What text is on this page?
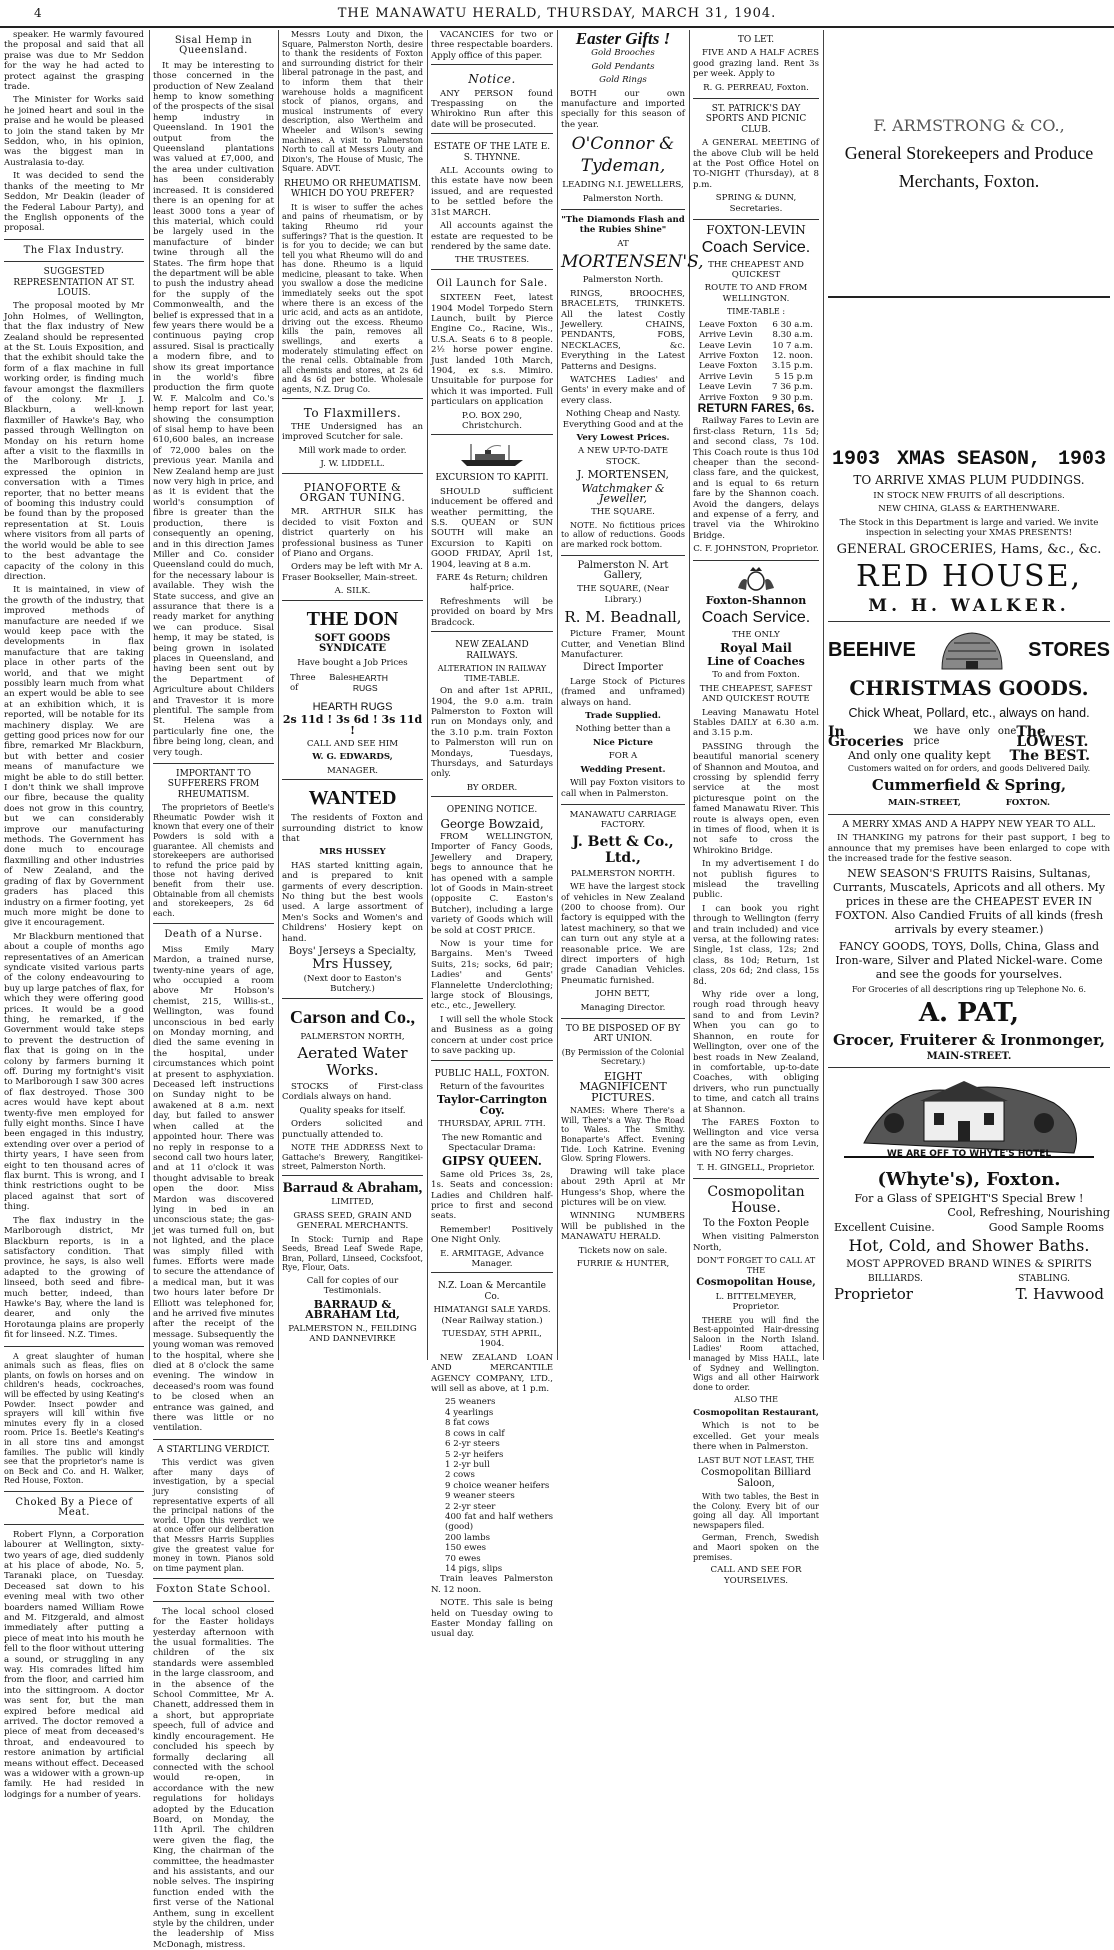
4	THE MANAWATU HERALD, THURSDAY, MARCH 31, 1904.

speaker. He warmly favoured the proposal and said that all praise was due to Mr Seddon for the way he had acted to protect against the grasping trade.

The Minister for Works said he joined heart and soul in the praise and he would be pleased to join the stand taken by Mr Seddon, who, in his opinion, was the biggest man in Australasia to-day.

It was decided to send the thanks of the meeting to Mr Seddon, Mr Deakin (leader of the Federal Labour Party), and the English opponents of the proposal.

The Flax Industry.
SUGGESTED REPRESENTATION AT ST. LOUIS.

The proposal mooted by Mr John Holmes, of Wellington, that the flax industry of New Zealand should be represented at the St. Louis Exposition, and that the exhibit should take the form of a flax machine in full working order, is finding much favour amongst the flaxmillers of the colony. Mr J. J. Blackburn, a well-known flaxmiller of Hawke's Bay, who passed through Wellington on Monday on his return home after a visit to the flaxmills in the Marlborough districts, expressed the opinion in conversation with a Times reporter, that no better means of booming this industry could be found than by the proposed representation at St. Louis where visitors from all parts of the world would be able to see to the best advantage the capacity of the colony in this direction.

It is maintained, in view of the growth of the industry, that improved methods of manufacture are needed if we would keep pace with the developments in flax manufacture that are taking place in other parts of the world, and that we might possibly learn much from what an expert would be able to see at an exhibition which, it is reported, will be notable for its machinery display. We are getting good prices now for our fibre, remarked Mr Blackburn, but with better and cosier means of manufacture we might be able to do still better. I don't think we shall improve our fibre, because the quality does not grow in this country, but we can considerably improve our manufacturing methods. The Government has done much to encourage flaxmilling and other industries of New Zealand, and the grading of flax by Government graders has placed this industry on a firmer footing, yet much more might be done to give it encouragement.

Mr Blackburn mentioned that about a couple of months ago representatives of an American syndicate visited various parts of the colony endeavouring to buy up large patches of flax, for which they were offering good prices. It would be a good thing, he remarked, if the Government would take steps to prevent the destruction of flax that is going on in the colony by farmers burning it off. During my fortnight's visit to Marlborough I saw 300 acres of flax destroyed. Those 300 acres would have kept about twenty-five men employed for fully eight months. Since I have been engaged in this industry, extending over over a period of thirty years, I have seen from eight to ten thousand acres of flax burnt. This is wrong, and I think restrictions ought to be placed against that sort of thing.

The flax industry in the Marlborough district, Mr Blackburn reports, is in a satisfactory condition. That province, he says, is also well adapted to the growing of linseed, both seed and fibre-much better, indeed, than Hawke's Bay, where the land is dearer, and only the Horotaunga plains are properly fit for linseed. N.Z. Times.

A great slaughter of human animals such as fleas, flies on plants, on fowls on horses and on children's heads, cockroaches, will be effected by using Keating's Powder. Insect powder and sprayers will kill within five minutes every fly in a closed room. Price 1s. Beetle's Keating's in all store tins and amongst families. The public will kindly see that the proprietor's name is on Beck and Co. and H. Walker, Red House, Foxton.

Choked By a Piece of Meat.

Robert Flynn, a Corporation labourer at Wellington, sixty-two years of age, died suddenly at his place of abode, No. 5, Taranaki place, on Tuesday. Deceased sat down to his evening meal with two other boarders named William Rowe and M. Fitzgerald, and almost immediately after putting a piece of meat into his mouth he fell to the floor without uttering a sound, or struggling in any way. His comrades lifted him from the floor, and carried him into the sittingroom. A doctor was sent for, but the man expired before medical aid arrived. The doctor removed a piece of meat from deceased's throat, and endeavoured to restore animation by artificial means without effect. Deceased was a widower with a grown-up family. He had resided in lodgings for a number of years.

Sisal Hemp in Queensland.

It may be interesting to those concerned in the production of New Zealand hemp to know something of the prospects of the sisal hemp industry in Queensland. In 1901 the output from the Queensland plantations was valued at £7,000, and the area under cultivation has been considerably increased. It is considered there is an opening for at least 3000 tons a year of this material, which could be largely used in the manufacture of binder twine through all the States. The firm hope that the department will be able to push the industry ahead for the supply of the Commonwealth, and the belief is expressed that in a few years there would be a continuous paying crop assured. Sisal is practically a modern fibre, and to show its great importance in the world's fibre production the firm quote W. F. Malcolm and Co.'s hemp report for last year, showing the consumption of sisal hemp to have been 610,600 bales, an increase of 72,000 bales on the previous year. Manila and New Zealand hemp are just now very high in price, and as it is evident that the world's consumption of fibre is greater than the production, there is consequently an opening, and in this direction James Miller and Co. consider Queensland could do much, for the necessary labour is available. They wish the State success, and give an assurance that there is a ready market for anything we can produce. Sisal hemp, it may be stated, is being grown in isolated places in Queensland, and having been sent out by the Department of Agriculture about Childers and Travestor it is more plentiful. The sample from St. Helena was a particularly fine one, the fibre being long, clean, and very tough.

IMPORTANT TO SUFFERERS FROM RHEUMATISM.

The proprietors of Beetle's Rheumatic Powder wish it known that every one of their Powders is sold with a guarantee. All chemists and storekeepers are authorised to refund the price paid by those not having derived benefit from their use. Obtainable from all chemists and storekeepers, 2s 6d each.

Death of a Nurse.

Miss Emily Mary Mardon, a trained nurse, twenty-nine years of age, who occupied a room above Mr Hobson's chemist, 215, Willis-st., Wellington, was found unconscious in bed early on Monday morning, and died the same evening in the hospital, under circumstances which point at present to asphyxiation. Deceased left instructions on Sunday night to be awakened at 8 a.m. next day, but failed to answer when called at the appointed hour. There was no reply in response to a second call two hours later, and at 11 o'clock it was thought advisable to break open the door. Miss Mardon was discovered lying in bed in an unconscious state; the gas-jet was turned full on, but not lighted, and the place was simply filled with fumes. Efforts were made to secure the attendance of a medical man, but it was two hours later before Dr Elliott was telephoned for, and he arrived five minutes after the receipt of the message. Subsequently the young woman was removed to the hospital, where she died at 8 o'clock the same evening. The window in deceased's room was found to be closed when an entrance was gained, and there was little or no ventilation.

A STARTLING VERDICT.

This verdict was given after many days of investigation, by a special jury consisting of representative experts of all the principal nations of the world. Upon this verdict we at once offer our deliberation that Messrs Harris Supplies give the greatest value for money in town. Pianos sold on time payment plan.

Foxton State School.

The local school closed for the Easter holidays yesterday afternoon with the usual formalities. The children of the six standards were assembled in the large classroom, and in the absence of the School Committee, Mr A. Chanett, addressed them in a short, but appropriate speech, full of advice and kindly encouragement. He concluded his speech by formally declaring all connected with the school would re-open, in accordance with the new regulations for holidays adopted by the Education Board, on Monday, the 11th April. The children were given the flag, the King, the chairman of the committee, the headmaster and his assistants, and our noble selves. The inspiring function ended with the first verse of the National Anthem, sung in excellent style by the children, under the leadership of Miss McDonagh, mistress.

Messrs Louty and Dixon, the Square, Palmerston North, desire to thank the residents of Foxton and surrounding district for their liberal patronage in the past, and to inform them that their warehouse holds a magnificent stock of pianos, organs, and musical instruments of every description, also Wertheim and Wheeler and Wilson's sewing machines. A visit to Palmerston North to call at Messrs Louty and Dixon's, The House of Music, The Square. ADVT.

RHEUMO OR RHEUMATISM. WHICH DO YOU PREFER?

It is wiser to suffer the aches and pains of rheumatism, or by taking Rheumo rid your sufferings? That is the question. It is for you to decide; we can but tell you what Rheumo will do and has done. Rheumo is a liquid medicine, pleasant to take. When you swallow a dose the medicine immediately seeks out the spot where there is an excess of the uric acid, and acts as an antidote, driving out the excess. Rheumo kills the pain, removes all swellings, and exerts a moderately stimulating effect on the renal cells. Obtainable from all chemists and stores, at 2s 6d and 4s 6d per bottle. Wholesale agents, N.Z. Drug Co.

To Flaxmillers.

THE Undersigned has an improved Scutcher for sale.

Mill work made to order.

J. W. LIDDELL.

PIANOFORTE & ORGAN TUNING.

MR. ARTHUR SILK has decided to visit Foxton and district quarterly on his professional business as Tuner of Piano and Organs.

Orders may be left with Mr A. Fraser Bookseller, Main-street.

A. SILK.

THE DON

SOFT GOODS SYNDICATE

Have bought a Job Prices

Three Bales of
HEARTH RUGS

HEARTH RUGS

2s 11d ! 3s 6d ! 3s 11d !

CALL AND SEE HIM

W. G. EDWARDS,

MANAGER.

WANTED

The residents of Foxton and surrounding district to know that

MRS HUSSEY

HAS started knitting again, and is prepared to knit garments of every description. No thing but the best wools used. A large assortment of Men's Socks and Women's and Childrens' Hosiery kept on hand.

Boys' Jerseys a Specialty,

Mrs Hussey,

(Next door to Easton's Butchery.)

Carson and Co.,

PALMERSTON NORTH,

Aerated Water Works.

STOCKS of First-class Cordials always on hand.

Quality speaks for itself.

Orders solicited and punctually attended to.

NOTE THE ADDRESS Next to Gattache's Brewery, Rangitikei-street, Palmerston North.

Barraud & Abraham,

LIMITED,

GRASS SEED, GRAIN AND GENERAL MERCHANTS.

In Stock: Turnip and Rape Seeds, Bread Leaf Swede Rape, Bran, Pollard, Linseed, Cocksfoot, Rye, Flour, Oats.

Call for copies of our Testimonials.

BARRAUD & ABRAHAM Ltd,

PALMERSTON N., FEILDING AND DANNEVIRKE

VACANCIES for two or three respectable boarders. Apply office of this paper.

Notice.

ANY PERSON found Trespassing on the Whirokino Run after this date will be prosecuted.

ESTATE OF THE LATE E. S. THYNNE.

ALL Accounts owing to this estate have now been issued, and are requested to be settled before the 31st MARCH.

All accounts against the estate are requested to be rendered by the same date.

THE TRUSTEES.

Oil Launch for Sale.

SIXTEEN Feet, latest 1904 Model Torpedo Stern Launch, built by Pierce Engine Co., Racine, Wis., U.S.A. Seats 6 to 8 people. 2½ horse power engine. Just landed 10th March, 1904, ex s.s. Mimiro. Unsuitable for purpose for which it was imported. Full particulars on application

P.O. BOX 290, Christchurch.

EXCURSION TO KAPITI.

SHOULD sufficient inducement be offered and weather permitting, the S.S. QUEAN or SUN SOUTH will make an Excursion to Kapiti on GOOD FRIDAY, April 1st, 1904, leaving at 8 a.m.

FARE 4s Return; children half-price.

Refreshments will be provided on board by Mrs Bradcock.

NEW ZEALAND RAILWAYS.

ALTERATION IN RAILWAY TIME-TABLE.

On and after 1st APRIL, 1904, the 9.0 a.m. train Palmerston to Foxton will run on Mondays only, and the 3.10 p.m. train Foxton to Palmerston will run on Mondays, Tuesdays, Thursdays, and Saturdays only.

BY ORDER.

OPENING NOTICE.

George Bowzaid,

FROM WELLINGTON, Importer of Fancy Goods, Jewellery and Drapery, begs to announce that he has opened with a sample lot of Goods in Main-street (opposite C. Easton's Butcher), including a large variety of Goods which will be sold at COST PRICE.

Now is your time for Bargains. Men's Tweed Suits, 21s; socks, 6d pair; Ladies' and Gents' Flannelette Underclothing; large stock of Blousings, etc., etc., Jewellery.

I will sell the whole Stock and Business as a going concern at under cost price to save packing up.

PUBLIC HALL, FOXTON.

Return of the favourites

Taylor-Carrington Coy.

THURSDAY, APRIL 7TH.

The new Romantic and Spectacular Drama:

GIPSY QUEEN.

Same old Prices 3s, 2s, 1s. Seats and concession: Ladies and Children half-price to first and second seats.

Remember! Positively One Night Only.

E. ARMITAGE, Advance Manager.

N.Z. Loan & Mercantile Co.

HIMATANGI SALE YARDS. (Near Railway station.)

TUESDAY, 5TH APRIL, 1904.

NEW ZEALAND LOAN AND MERCANTILE AGENCY COMPANY, LTD., will sell as above, at 1 p.m.

25 weaners
4 yearlings
8 fat cows
8 cows in calf
6 2-yr steers
5 2-yr heifers
1 2-yr bull
2 cows
9 choice weaner heifers
9 weaner steers
2 2-yr steer
400 fat and half wethers (good)
200 lambs
150 ewes
70 ewes
14 pigs, slips

Train leaves Palmerston N. 12 noon.

NOTE. This sale is being held on Tuesday owing to Easter Monday falling on usual day.

Easter Gifts !

Gold Brooches

Gold Pendants

Gold Rings

BOTH our own manufacture and imported specially for this season of the year.

O'Connor & Tydeman,

LEADING N.I. JEWELLERS,

Palmerston North.

"The Diamonds Flash and the Rubies Shine"

AT

MORTENSEN'S,

Palmerston North.

RINGS, BROOCHES, BRACELETS, TRINKETS. All the latest Costly Jewellery. CHAINS, PENDANTS, FOBS, NECKLACES, &c. Everything in the Latest Patterns and Designs.

WATCHES Ladies' and Gents' in every make and of every class.

Nothing Cheap and Nasty. Everything Good and at the

Very Lowest Prices.

A NEW UP-TO-DATE STOCK.

J. MORTENSEN,

Watchmaker & Jeweller,

THE SQUARE.

NOTE. No fictitious prices to allow of reductions. Goods are marked rock bottom.

Palmerston N. Art Gallery,

THE SQUARE, (Near Library.)

R. M. Beadnall,

Picture Framer, Mount Cutter, and Venetian Blind Manufacturer.

Direct Importer

Large Stock of Pictures (framed and unframed) always on hand.

Trade Supplied.

Nothing better than a

Nice Picture

FOR A

Wedding Present.

Will pay Foxton visitors to call when in Palmerston.

MANAWATU CARRIAGE FACTORY.

J. Bett & Co., Ltd.,

PALMERSTON NORTH.

WE have the largest stock of vehicles in New Zealand (200 to choose from). Our factory is equipped with the latest machinery, so that we can turn out any style at a reasonable price. We are direct importers of high grade Canadian Vehicles. Pneumatic furnished.

JOHN BETT,

Managing Director.

TO BE DISPOSED OF BY ART UNION.

(By Permission of the Colonial Secretary.)

EIGHT MAGNIFICENT PICTURES.

NAMES: Where There's a Will, There's a Way. The Road to Wales. The Smithy. Bonaparte's Affect. Evening Tide. Loch Katrine. Evening Glow. Spring Flowers.

Drawing will take place about 29th April at Mr Hungess's Shop, where the pictures will be on view.

WINNING NUMBERS Will be published in the MANAWATU HERALD.

Tickets now on sale.

FURRIE & HUNTER,

TO LET.

FIVE AND A HALF ACRES good grazing land. Rent 3s per week. Apply to

R. G. PERREAU, Foxton.

ST. PATRICK'S DAY SPORTS AND PICNIC CLUB.

A GENERAL MEETING of the above Club will be held at the Post Office Hotel on TO-NIGHT (Thursday), at 8 p.m.

SPRING & DUNN, Secretaries.

FOXTON-LEVIN

Coach Service.

THE CHEAPEST AND QUICKEST

ROUTE TO AND FROM WELLINGTON.

TIME-TABLE :

Leave Foxton 6 30 a.m.
Arrive Levin 8.30 a.m.
Leave Levin 10 7 a.m.
Arrive Foxton 12. noon.
Leave Foxton 3.15 p.m.
Arrive Levin	5 15 p.m
Leave Levin 7 36 p.m.
Arrive Foxton 9 30 p.m.

RETURN FARES, 6s.

Railway Fares to Levin are first-class Return, 11s 5d; and second class, 7s 10d. This Coach route is thus 10d cheaper than the second-class fare, and the quickest, and is equal to 6s return fare by the Shannon coach. Avoid the dangers, delays and expense of a ferry, and travel via the Whirokino Bridge.

C. F. JOHNSTON, Proprietor.

Foxton-Shannon

Coach Service.

THE ONLY

Royal Mail

Line of Coaches

To and from Foxton.

THE CHEAPEST, SAFEST AND QUICKEST ROUTE

Leaving Manawatu Hotel Stables DAILY at 6.30 a.m. and 3.15 p.m.

PASSING through the beautiful manorial scenery of Shannon and Moutoa, and crossing by splendid ferry service at the most picturesque point on the famed Manawatu River. This route is always open, even in times of flood, when it is not safe to cross the Whirokino Bridge.

In my advertisement I do not publish figures to mislead the travelling public.

I can book you right through to Wellington (ferry and train included) and vice versa, at the following rates: Single, 1st class, 12s; 2nd class, 8s 10d; Return, 1st class, 20s 6d; 2nd class, 15s 8d.

Why ride over a long, rough road through heavy sand to and from Levin? When you can go to Shannon, en route for Wellington, over one of the best roads in New Zealand, in comfortable, up-to-date Coaches, with obliging drivers, who run punctually to time, and catch all trains at Shannon.

The FARES Foxton to Wellington and vice versa are the same as from Levin, with NO ferry charges.

T. H. GINGELL, Proprietor.

Cosmopolitan House.

To the Foxton People

When visiting Palmerston North,

DON'T FORGET TO CALL AT THE

Cosmopolitan House,

L. BITTELMEYER, Proprietor.

THERE you will find the Best-appointed Hair-dressing Saloon in the North Island. Ladies' Room attached, managed by Miss HALL, late of Sydney and Wellington. Wigs and all other Hairwork done to order.

ALSO THE

Cosmopolitan Restaurant,

Which is not to be excelled. Get your meals there when in Palmerston.

LAST BUT NOT LEAST, THE

Cosmopolitan Billiard Saloon,

With two tables, the Best in the Colony. Every bit of our going all day. All important newspapers filed.

German, French, Swedish and Maori spoken on the premises.

CALL AND SEE FOR YOURSELVES.

F. ARMSTRONG & CO.,

General Storekeepers and Produce Merchants, Foxton.

1903 XMAS SEASON, 1903

TO ARRIVE XMAS PLUM PUDDINGS.

IN STOCK NEW FRUITS of all descriptions.

NEW CHINA, GLASS & EARTHENWARE.

The Stock in this Department is large and varied. We invite inspection in selecting your XMAS PRESENTS!

GENERAL GROCERIES, Hams, &c., &c.

RED HOUSE,

M. H. WALKER.

BEEHIVE	STORES

CHRISTMAS GOODS.

Chick Wheat, Pollard, etc., always on hand.

In Groceries
we have only one price
The LOWEST.
And only one quality kept The BEST.

Customers waited on for orders, and goods Delivered Daily.

Cummerfield & Spring,

MAIN-STREET,	FOXTON.

A MERRY XMAS AND A HAPPY NEW YEAR TO ALL.

IN THANKING my patrons for their past support, I beg to announce that my premises have been enlarged to cope with the increased trade for the festive season.

NEW SEASON'S FRUITS Raisins, Sultanas, Currants, Muscatels, Apricots and all others. My prices in these are the CHEAPEST EVER IN FOXTON. Also Candied Fruits of all kinds (fresh arrivals by every steamer.)

FANCY GOODS, TOYS, Dolls, China, Glass and Iron-ware, Silver and Plated Nickel-ware. Come and see the goods for yourselves.

For Groceries of all descriptions ring up Telephone No. 6.

A. PAT,

Grocer, Fruiterer & Ironmonger,

MAIN-STREET.

WE ARE OFF TO WHYTE'S HOTEL

(Whyte's), Foxton.

For a Glass of SPEIGHT'S Special Brew !

Cool, Refreshing, Nourishing

Excellent Cuisine.	Good Sample Rooms

Hot, Cold, and Shower Baths.

MOST APPROVED BRAND WINES & SPIRITS

BILLIARDS.	STABLING.
Proprietor	T. Havwood
